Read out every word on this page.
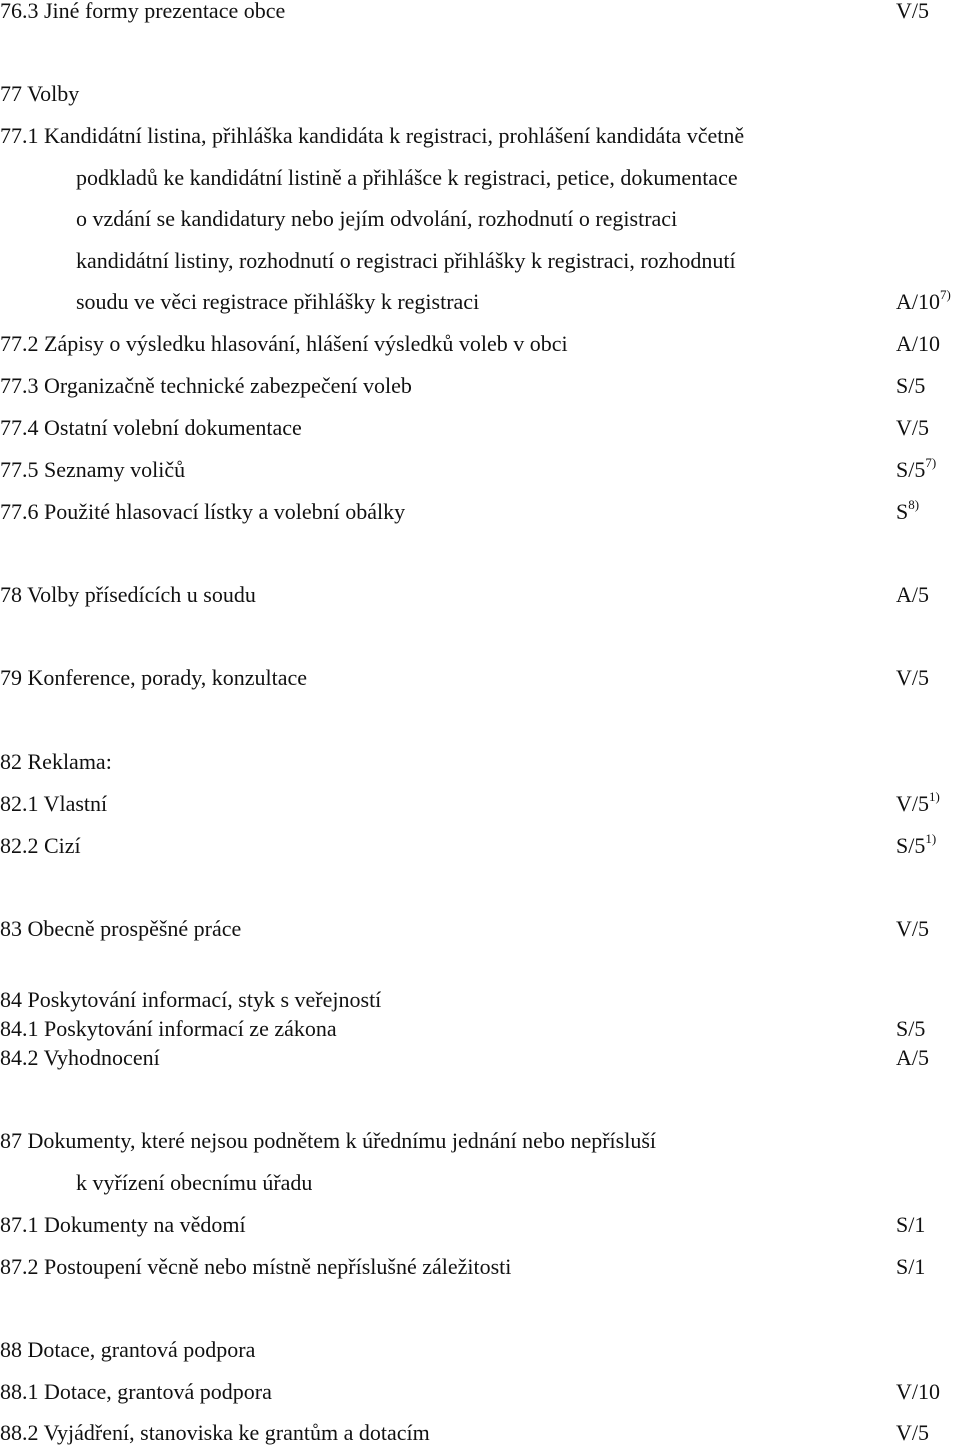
76.3 Jiné formy prezentace obce	V/5
77 Volby
77.1 Kandidátní listina, přihláška kandidáta k registraci, prohlášení kandidáta včetně
podkladů ke kandidátní listině a přihlášce k registraci, petice, dokumentace
o vzdání se kandidatury nebo jejím odvolání, rozhodnutí o registraci
kandidátní listiny, rozhodnutí o registraci přihlášky k registraci, rozhodnutí
soudu ve věci registrace přihlášky k registraci	A/10$^{7)}$
77.2 Zápisy o výsledku hlasování, hlášení výsledků voleb v obci	A/10
77.3 Organizačně technické zabezpečení voleb	S/5
77.4 Ostatní volební dokumentace	V/5
77.5 Seznamy voličů	S/5$^{7)}$
77.6 Použité hlasovací lístky a volební obálky	$S^{8)}$
78 Volby přísedících u soudu	A/5
79 Konference, porady, konzultace	V/5
82 Reklama:
82.1 Vlastní	V/5$^{1)}$
82.2 Cizí	S/5$^{1)}$
83 Obecně prospěšné práce	V/5
84 Poskytování informací, styk s veřejností
84.1 Poskytování informací ze zákona	S/5
84.2 Vyhodnocení	A/5
87 Dokumenty, které nejsou podnětem k úřednímu jednání nebo nepřísluší
k vyřízení obecnímu úřadu
87.1 Dokumenty na vědomí	S/1
87.2 Postoupení věcně nebo místně nepříslušné záležitosti	S/1
88 Dotace, grantová podpora
88.1 Dotace, grantová podpora	V/10
88.2 Vyjádření, stanoviska ke grantům a dotacím	V/5
